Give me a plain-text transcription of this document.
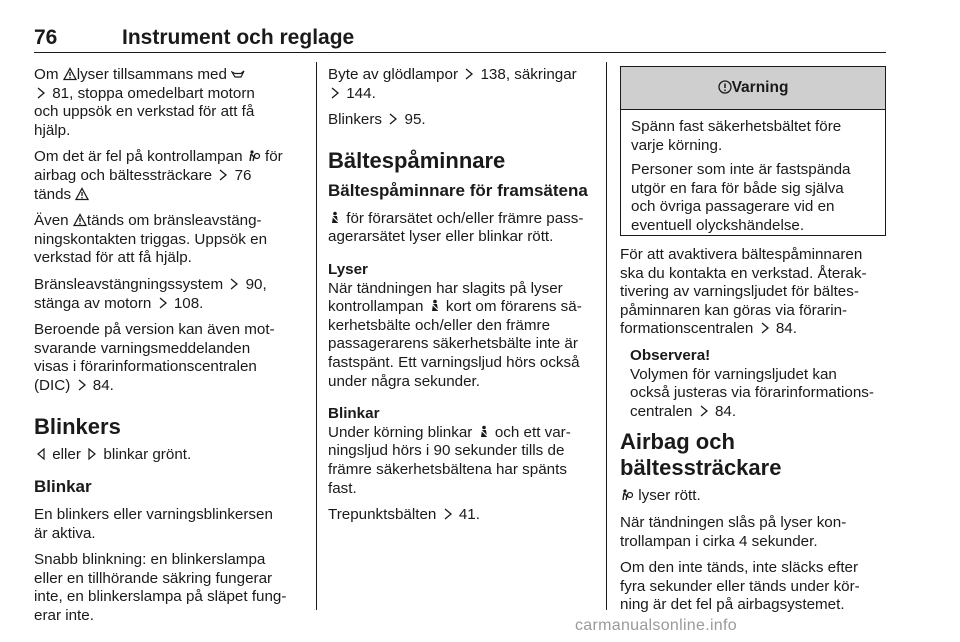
76	Instrument och reglage

Om lyser tillsammans med
81, stoppa omedelbart motorn
och uppsök en verkstad för att få
hjälp.

Om det är fel på kontrollampan för
airbag och bältessträckare 76
tänds

Även tänds om bränsleavstäng-
ningskontakten triggas. Uppsök en
verkstad för att få hjälp.

Bränsleavstängningssystem 90,
stänga av motorn 108.

Beroende på version kan även mot-
svarande varningsmeddelanden
visas i förarinformationscentralen
(DIC) 84.

Blinkers

eller blinkar grönt.

Blinkar

En blinkers eller varningsblinkersen
är aktiva.

Snabb blinkning: en blinkerslampa
eller en tillhörande säkring fungerar
inte, en blinkerslampa på släpet fung-
erar inte.

Byte av glödlampor 138, säkringar
144.

Blinkers 95.

Bältespåminnare
Bältespåminnare för framsätena

för förarsätet och/eller främre pass-
agerarsätet lyser eller blinkar rött.

Lyser

När tändningen har slagits på lyser
kontrollampan kort om förarens sä-
kerhetsbälte och/eller den främre
passagerarens säkerhetsbälte inte är
fastspänt. Ett varningsljud hörs också
under några sekunder.

Blinkar

Under körning blinkar och ett var-
ningsljud hörs i 90 sekunder tills de
främre säkerhetsbältena har spänts
fast.

Trepunktsbälten 41.

Varning

Spänn fast säkerhetsbältet före
varje körning.

Personer som inte är fastspända
utgör en fara för både sig själva
och övriga passagerare vid en
eventuell olyckshändelse.

För att avaktivera bältespåminnaren
ska du kontakta en verkstad. Återak-
tivering av varningsljudet för bältes-
påminnaren kan göras via förarin-
formationscentralen 84.

Observera!

Volymen för varningsljudet kan
också justeras via förarinformations-
centralen 84.

Airbag och bältessträckare

lyser rött.

När tändningen slås på lyser kon-
trollampan i cirka 4 sekunder.

Om den inte tänds, inte släcks efter
fyra sekunder eller tänds under kör-
ning är det fel på airbagsystemet.

carmanualsonline.info
